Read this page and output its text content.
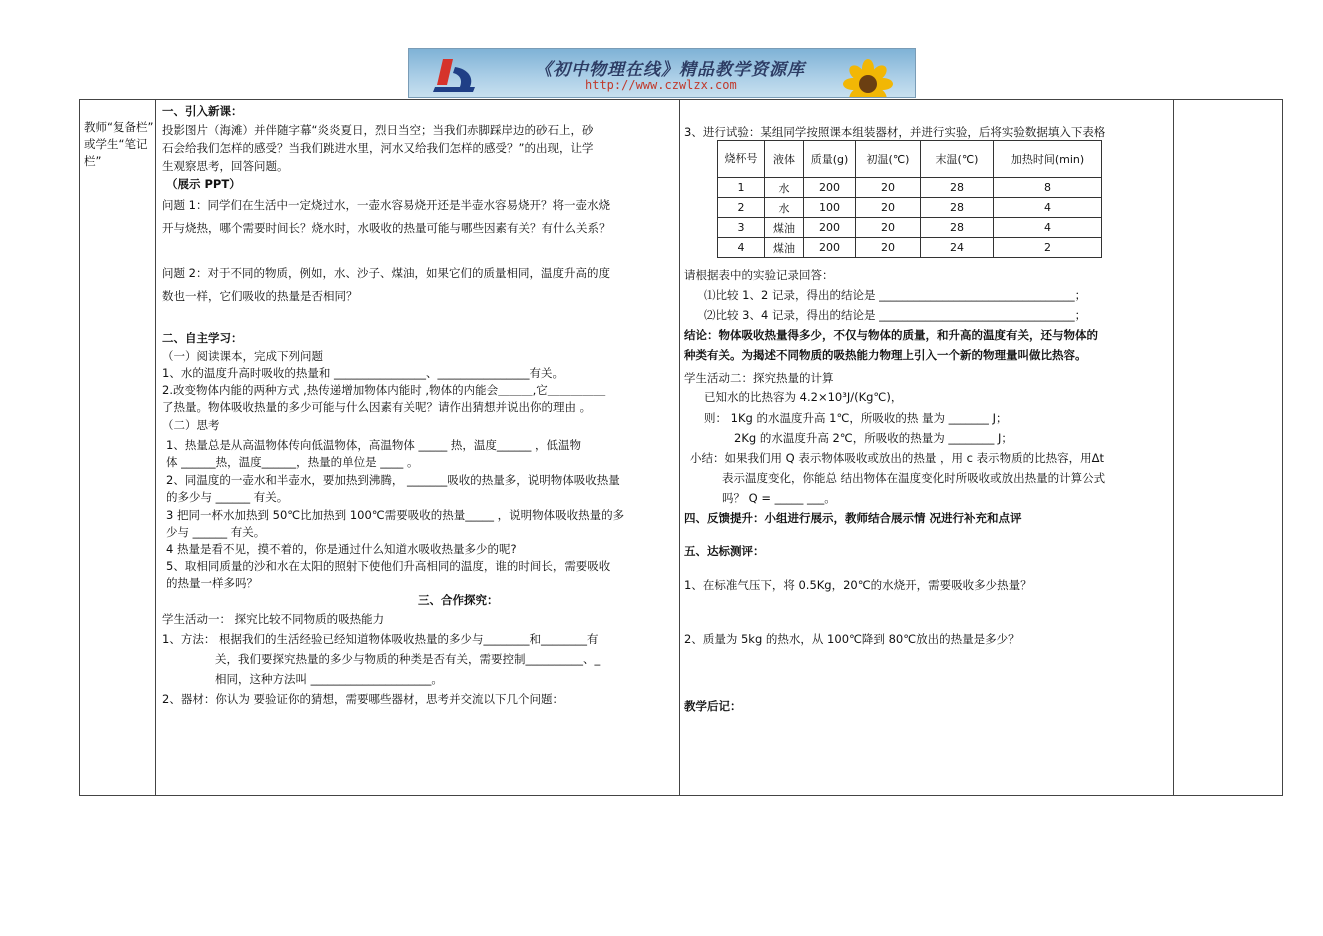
《初中物理在线》精品教学资源库
http://www.czwlzx.com
教师“复备栏”
或学生“笔记
栏”
一、引入新课：
投影图片（海滩）并伴随字幕“炎炎夏日，烈日当空；当我们赤脚踩岸边的砂石上，砂
石会给我们怎样的感受？当我们跳进水里，河水又给我们怎样的感受？”的出现，让学
生观察思考，回答问题。
（展示 PPT）
问题 1：同学们在生活中一定烧过水，一壶水容易烧开还是半壶水容易烧开？将一壶水烧
开与烧热，哪个需要时间长？烧水时，水吸收的热量可能与哪些因素有关？有什么关系？
问题 2：对于不同的物质，例如，水、沙子、煤油，如果它们的质量相同，温度升高的度
数也一样，它们吸收的热量是否相同？
二、自主学习：
（一）阅读课本，完成下列问题
1、水的温度升高时吸收的热量和 ________________、________________有关。
2.改变物体内能的两种方式 ,热传递增加物体内能时 ,物体的内能会＿＿＿,它＿＿＿＿＿
了热量。物体吸收热量的多少可能与什么因素有关呢？请作出猜想并说出你的理由 。
（二）思考
1、热量总是从高温物体传向低温物体，高温物体 _____ 热，温度______ ，低温物
体 ______热，温度______，热量的单位是 ____ 。
2、同温度的一壶水和半壶水，要加热到沸腾， _______吸收的热量多，说明物体吸收热量
的多少与 ______ 有关。
3 把同一杯水加热到 50℃比加热到 100℃需要吸收的热量_____ ，说明物体吸收热量的多
少与 ______ 有关。
4 热量是看不见，摸不着的，你是通过什么知道水吸收热量多少的呢?
5、取相同质量的沙和水在太阳的照射下使他们升高相同的温度，谁的时间长，需要吸收
的热量一样多吗？
三、合作探究：
学生活动一： 探究比较不同物质的吸热能力
1、方法： 根据我们的生活经验已经知道物体吸收热量的多少与________和________有
关，我们要探究热量的多少与物质的种类是否有关，需要控制__________、_
相同，这种方法叫 _____________________。
2、器材：你认为 要验证你的猜想，需要哪些器材，思考并交流以下几个问题：
3、进行试验：某组同学按照课本组装器材，并进行实验，后将实验数据填入下表格
烧杯号	液体	质量(g)	初温(℃)	末温(℃)	加热时间(min)
1	水	200	20	28	8
2	水	100	20	28	4
3	煤油	200	20	28	4
4	煤油	200	20	24	2
请根据表中的实验记录回答：
⑴比较 1、2 记录，得出的结论是 __________________________________；
⑵比较 3、4 记录，得出的结论是 __________________________________；
结论：物体吸收热量得多少，不仅与物体的质量，和升高的温度有关，还与物体的
种类有关。为揭述不同物质的吸热能力物理上引入一个新的物理量叫做比热容。
学生活动二：探究热量的计算
已知水的比热容为 4.2×10³J/(Kg℃)，
则： 1Kg 的水温度升高 1℃，所吸收的热 量为 _______ J；
2Kg 的水温度升高 2℃，所吸收的热量为 ________ J；
小结：如果我们用 Q 表示物体吸收或放出的热量 ，用 c 表示物质的比热容，用Δt
表示温度变化，你能总 结出物体在温度变化时所吸收或放出热量的计算公式
吗？ Q = _____ ___。
四、反馈提升：小组进行展示，教师结合展示情 况进行补充和点评
五、达标测评：
1、在标准气压下，将 0.5Kg，20℃的水烧开，需要吸收多少热量？
2、质量为 5kg 的热水，从 100℃降到 80℃放出的热量是多少？
教学后记：
